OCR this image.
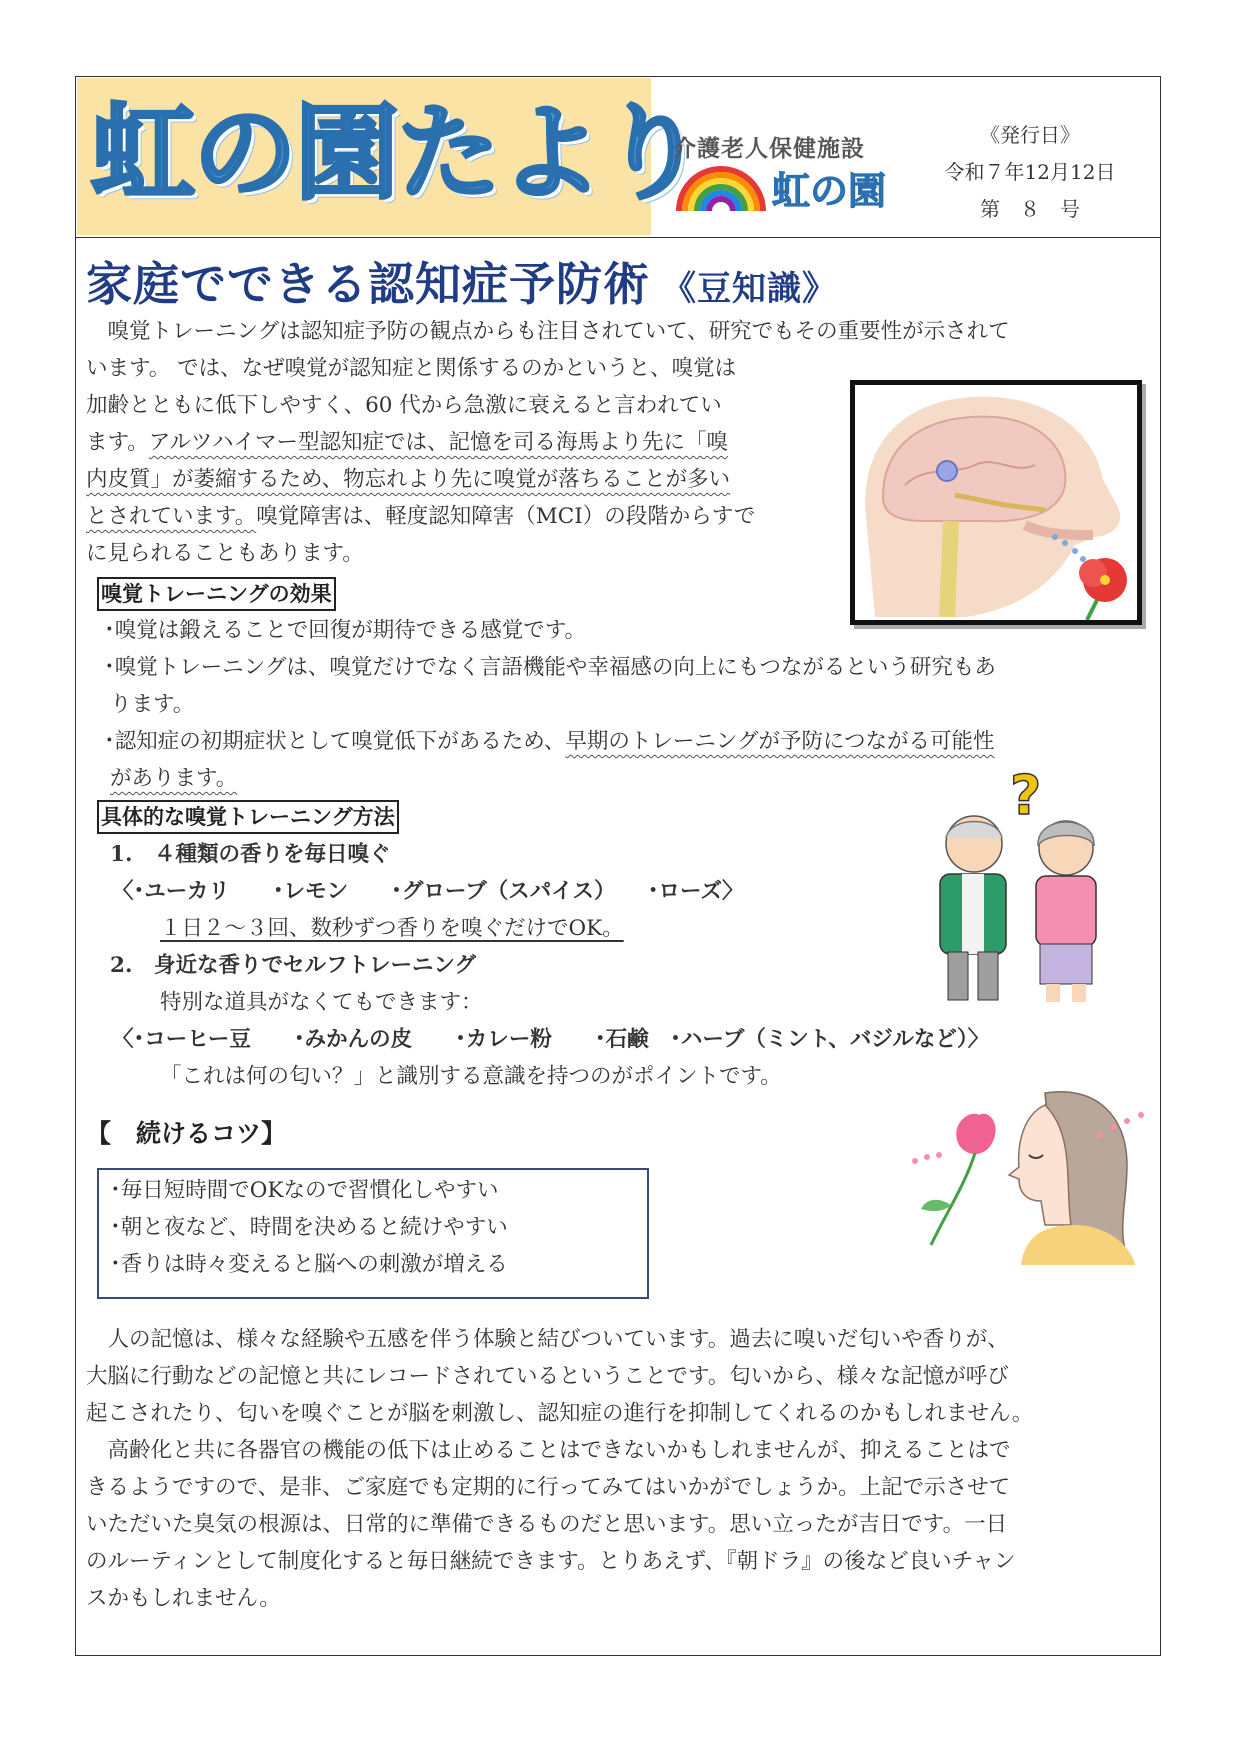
虹の園たより
介護老人保健施設
虹の園
《発行日》
令和７年12月12日
第　８　号
家庭でできる認知症予防術 《豆知識》
　嗅覚トレーニングは認知症予防の観点からも注目されていて、研究でもその重要性が示されて
います。 では、なぜ嗅覚が認知症と関係するのかというと、嗅覚は
加齢とともに低下しやすく、60 代から急激に衰えると言われてい
ます。アルツハイマー型認知症では、記憶を司る海馬より先に「嗅
内皮質」が萎縮するため、物忘れより先に嗅覚が落ちることが多い
とされています。嗅覚障害は、軽度認知障害（MCI）の段階からすで
に見られることもあります。
嗅覚トレーニングの効果
･嗅覚は鍛えることで回復が期待できる感覚です。
･嗅覚トレーニングは、嗅覚だけでなく言語機能や幸福感の向上にもつながるという研究もあ
ります。
･認知症の初期症状として嗅覚低下があるため、早期のトレーニングが予防につながる可能性
があります。
具体的な嗅覚トレーニング方法
1.　４種類の香りを毎日嗅ぐ
〈･ユーカリ　　･レモン　　･グローブ（スパイス）　　･ローズ〉
１日２〜３回、数秒ずつ香りを嗅ぐだけでOK。
2.　身近な香りでセルフトレーニング
特別な道具がなくてもできます：
〈･コーヒー豆　　･みかんの皮　　･カレー粉　　･石鹸　･ハーブ（ミント、バジルなど）〉
「これは何の匂い？」と識別する意識を持つのがポイントです。
?
【　続けるコツ】
･毎日短時間でOKなので習慣化しやすい
･朝と夜など、時間を決めると続けやすい
･香りは時々変えると脳への刺激が増える
　人の記憶は、様々な経験や五感を伴う体験と結びついています。過去に嗅いだ匂いや香りが、
大脳に行動などの記憶と共にレコードされているということです。匂いから、様々な記憶が呼び
起こされたり、匂いを嗅ぐことが脳を刺激し、認知症の進行を抑制してくれるのかもしれません。
　高齢化と共に各器官の機能の低下は止めることはできないかもしれませんが、抑えることはで
きるようですので、是非、ご家庭でも定期的に行ってみてはいかがでしょうか。上記で示させて
いただいた臭気の根源は、日常的に準備できるものだと思います。思い立ったが吉日です。一日
のルーティンとして制度化すると毎日継続できます。とりあえず、『朝ドラ』の後など良いチャン
スかもしれません。
